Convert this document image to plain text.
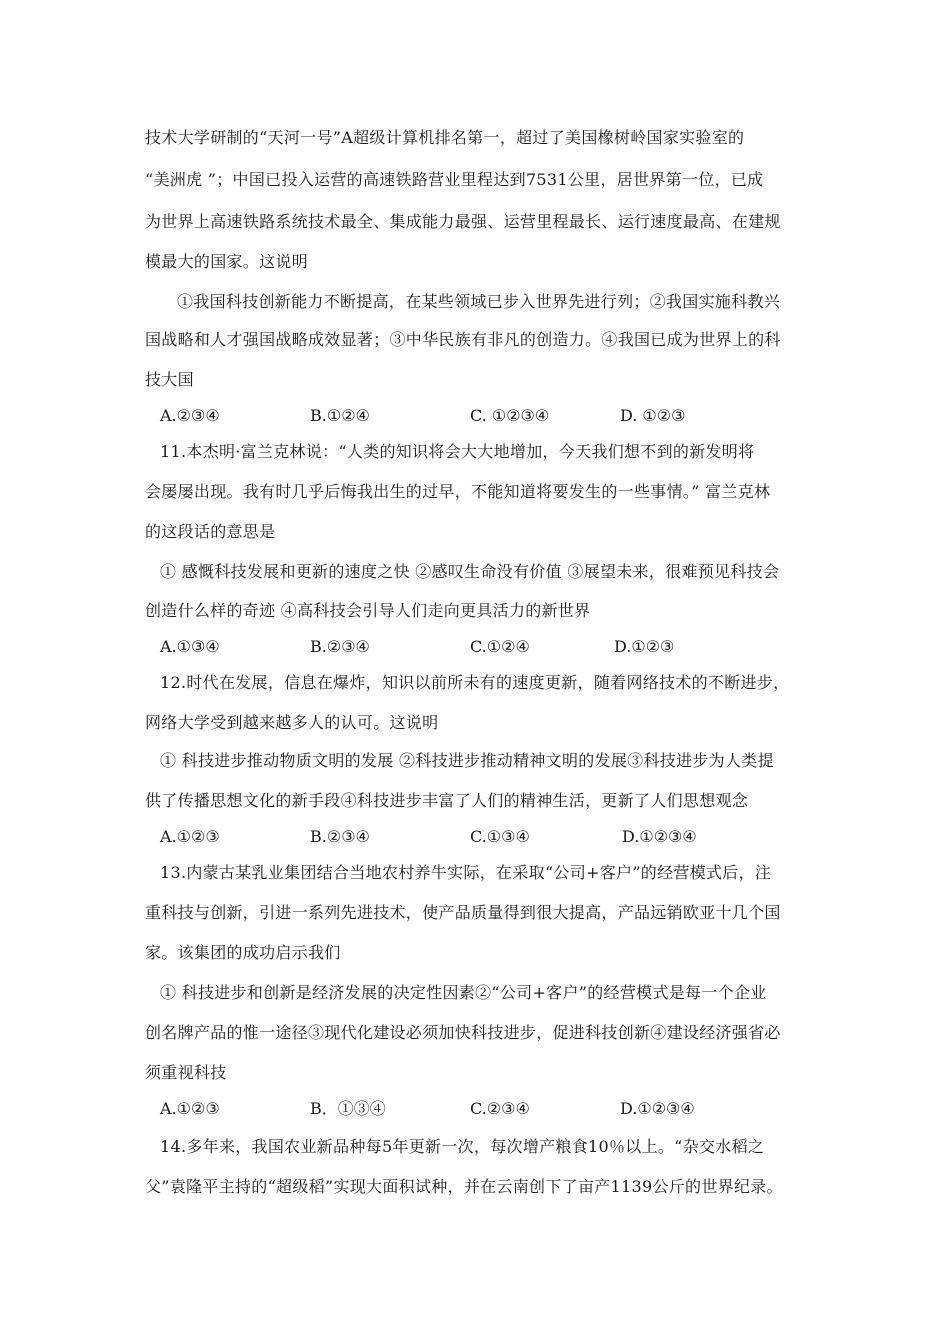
技术大学研制的“天河一号”A超级计算机排名第一，超过了美国橡树岭国家实验室的
“美洲虎 ”；中国已投入运营的高速铁路营业里程达到7531公里，居世界第一位，已成
为世界上高速铁路系统技术最全、集成能力最强、运营里程最长、运行速度最高、在建规
模最大的国家。这说明
①我国科技创新能力不断提高，在某些领域已步入世界先进行列；②我国实施科教兴
国战略和人才强国战略成效显著；③中华民族有非凡的创造力。④我国已成为世界上的科
技大国
A.②③④	B.①②④	C. ①②③④	D. ①②③
11.本杰明·富兰克林说：“人类的知识将会大大地增加，今天我们想不到的新发明将
会屡屡出现。我有时几乎后悔我出生的过早，不能知道将要发生的一些事情。” 富兰克林
的这段话的意思是
① 感慨科技发展和更新的速度之快 ②感叹生命没有价值 ③展望未来，很难预见科技会
创造什么样的奇迹 ④高科技会引导人们走向更具活力的新世界
A.①③④	B.②③④	C.①②④	D.①②③
12.时代在发展，信息在爆炸，知识以前所未有的速度更新，随着网络技术的不断进步，
网络大学受到越来越多人的认可。这说明
① 科技进步推动物质文明的发展 ②科技进步推动精神文明的发展③科技进步为人类提
供了传播思想文化的新手段④科技进步丰富了人们的精神生活，更新了人们思想观念
A.①②③	B.②③④	C.①③④	D.①②③④
13.内蒙古某乳业集团结合当地农村养牛实际，在采取“公司+客户”的经营模式后，注
重科技与创新，引进一系列先进技术，使产品质量得到很大提高，产品远销欧亚十几个国
家。该集团的成功启示我们
① 科技进步和创新是经济发展的决定性因素②“公司+客户”的经营模式是每一个企业
创名牌产品的惟一途径③现代化建设必须加快科技进步，促进科技创新④建设经济强省必
须重视科技
A.①②③	B．①③④	C.②③④	D.①②③④
14.多年来，我国农业新品种每5年更新一次，每次增产粮食10％以上。“杂交水稻之
父”袁隆平主持的“超级稻”实现大面积试种，并在云南创下了亩产1139公斤的世界纪录。
